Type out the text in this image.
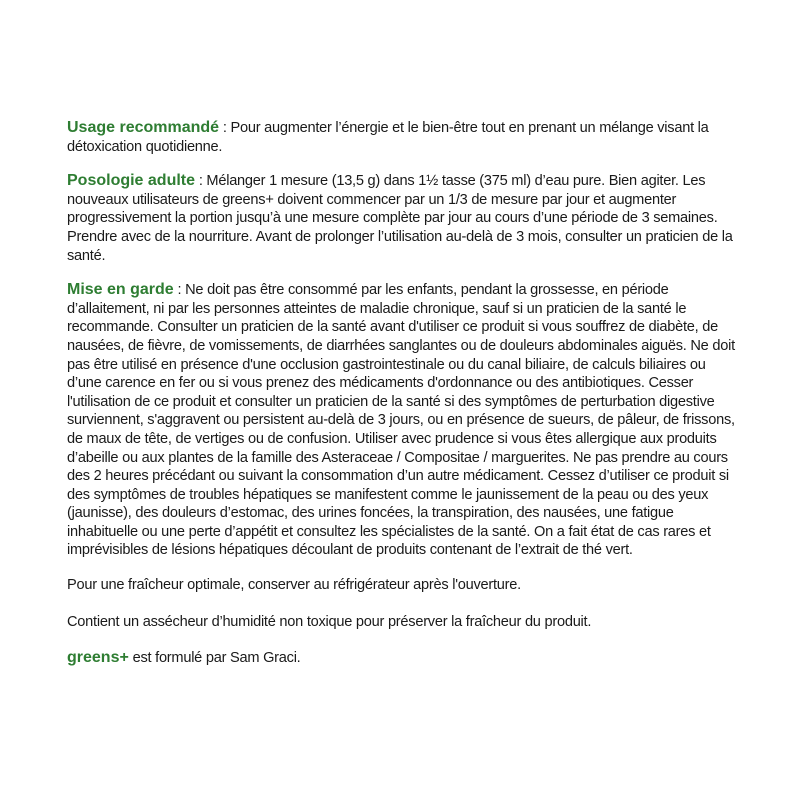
Usage recommandé : Pour augmenter l’énergie et le bien-être tout en prenant un mélange visant la détoxication quotidienne.

Posologie adulte : Mélanger 1 mesure (13,5 g) dans 1½ tasse (375 ml) d’eau pure. Bien agiter. Les nouveaux utilisateurs de greens+ doivent commencer par un 1/3 de mesure par jour et augmenter progressivement la portion jusqu’à une mesure complète par jour au cours d’une période de 3 semaines. Prendre avec de la nourriture. Avant de prolonger l’utilisation au-delà de 3 mois, consulter un praticien de la santé.

Mise en garde : Ne doit pas être consommé par les enfants, pendant la grossesse, en période d’allaitement, ni par les personnes atteintes de maladie chronique, sauf si un praticien de la santé le recommande. Consulter un praticien de la santé avant d'utiliser ce produit si vous souffrez de diabète, de nausées, de fièvre, de vomissements, de diarrhées sanglantes ou de douleurs abdominales aiguës. Ne doit pas être utilisé en présence d'une occlusion gastrointestinale ou du canal biliaire, de calculs biliaires ou d’une carence en fer ou si vous prenez des médicaments d'ordonnance ou des antibiotiques. Cesser l'utilisation de ce produit et consulter un praticien de la santé si des symptômes de perturbation digestive surviennent, s'aggravent ou persistent au-delà de 3 jours, ou en présence de sueurs, de pâleur, de frissons, de maux de tête, de vertiges ou de confusion. Utiliser avec prudence si vous êtes allergique aux produits d’abeille ou aux plantes de la famille des Asteraceae / Compositae / marguerites. Ne pas prendre au cours des 2 heures précédant ou suivant la consommation d’un autre médicament. Cessez d’utiliser ce produit si des symptômes de troubles hépatiques se manifestent comme le jaunissement de la peau ou des yeux (jaunisse), des douleurs d’estomac, des urines foncées, la transpiration, des nausées, une fatigue inhabituelle ou une perte d’appétit et consultez les spécialistes de la santé. On a fait état de cas rares et imprévisibles de lésions hépatiques découlant de produits contenant de l’extrait de thé vert.

Pour une fraîcheur optimale, conserver au réfrigérateur après l'ouverture.

Contient un assécheur d’humidité non toxique pour préserver la fraîcheur du produit.

greens+ est formulé par Sam Graci.
